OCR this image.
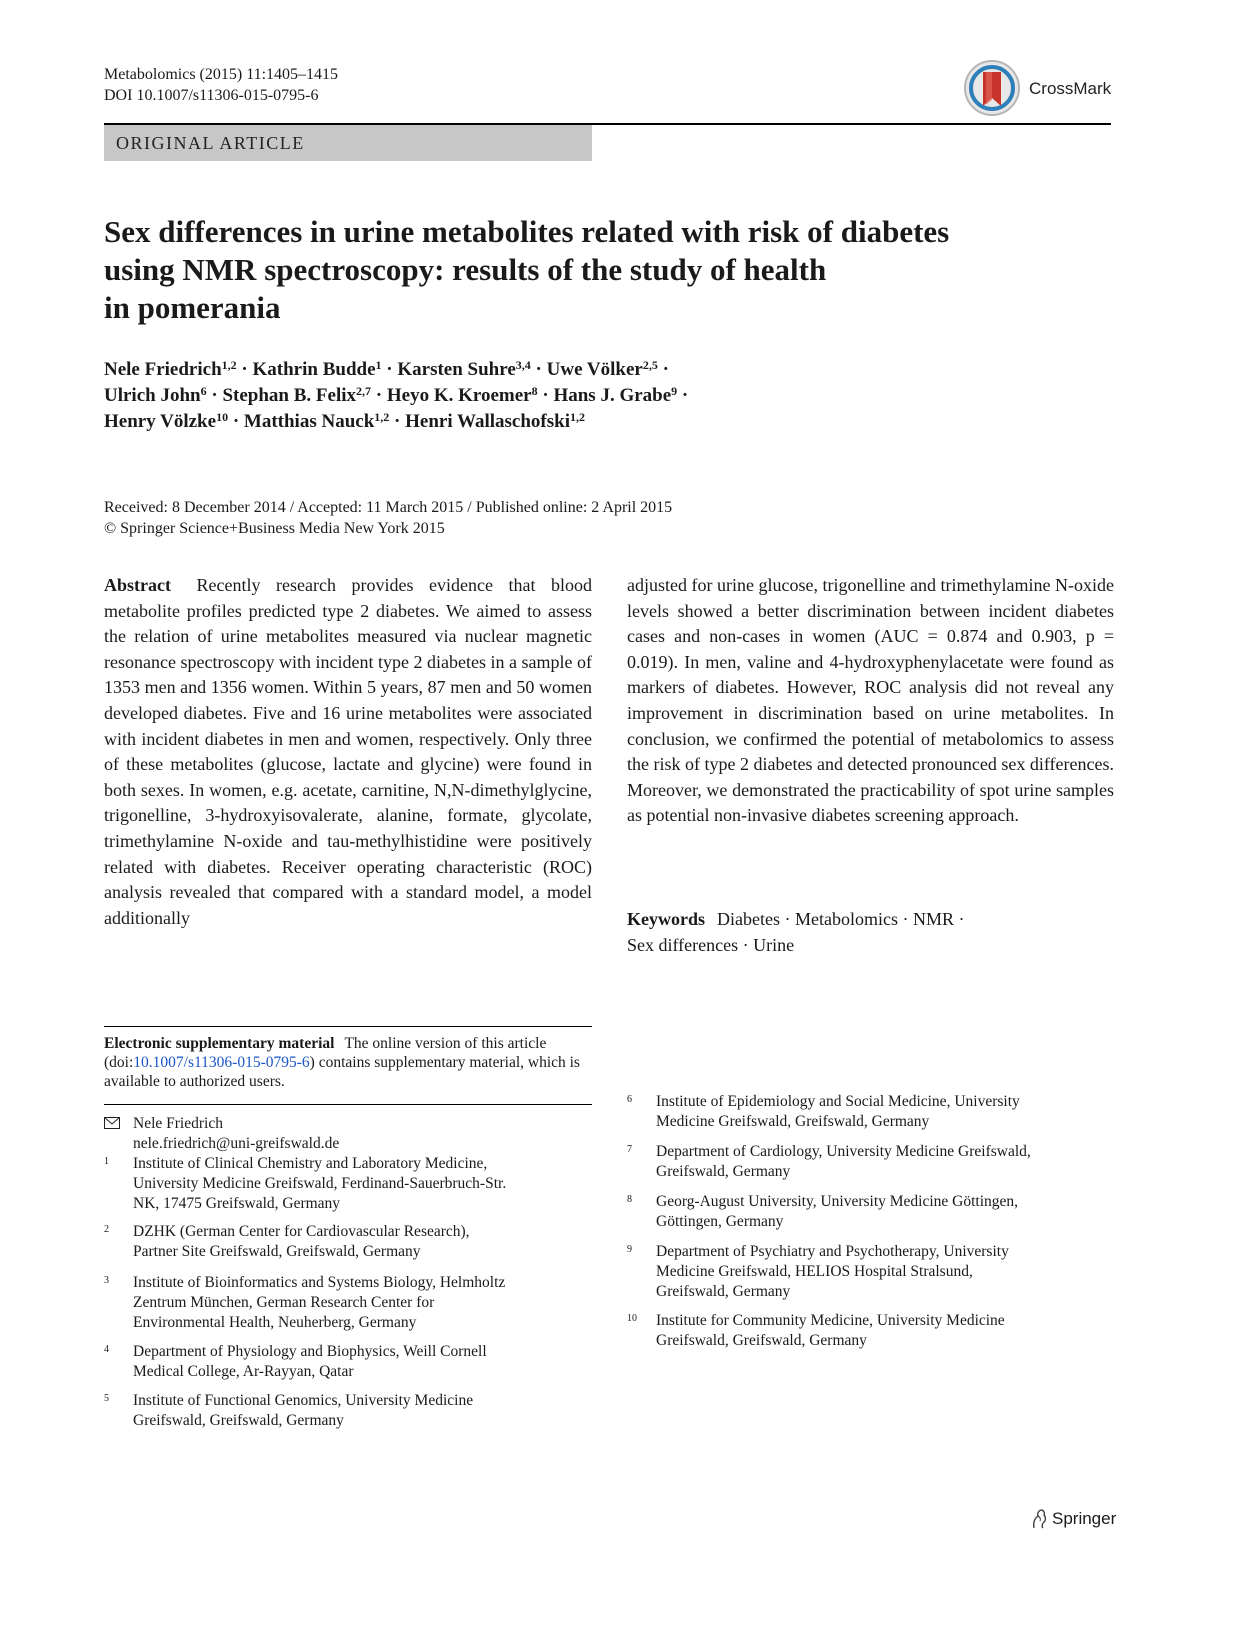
Metabolomics (2015) 11:1405–1415
DOI 10.1007/s11306-015-0795-6	CrossMark
ORIGINAL ARTICLE
Sex differences in urine metabolites related with risk of diabetes
using NMR spectroscopy: results of the study of health
in pomerania
Nele Friedrich$^{1,2}$ · Kathrin Budde$^1$ · Karsten Suhre$^{3,4}$ · Uwe Völker$^{2,5}$ ·
Ulrich John$^6$ · Stephan B. Felix$^{2,7}$ · Heyo K. Kroemer$^8$ · Hans J. Grabe$^9$ ·
Henry Völzke$^{10}$ · Matthias Nauck$^{1,2}$ · Henri Wallaschofski$^{1,2}$
Received: 8 December 2014 / Accepted: 11 March 2015 / Published online: 2 April 2015
© Springer Science+Business Media New York 2015
Abstract Recently research provides evidence that blood metabolite profiles predicted type 2 diabetes. We aimed to assess the relation of urine metabolites measured via nuclear magnetic resonance spectroscopy with incident type 2 diabetes in a sample of 1353 men and 1356 women. Within 5 years, 87 men and 50 women developed diabetes. Five and 16 urine metabolites were associated with incident diabetes in men and women, respectively. Only three of these metabolites (glucose, lactate and glycine) were found in both sexes. In women, e.g. acetate, carnitine, N,N-dimethylglycine, trigonelline, 3-hydroxyisovalerate, alanine, formate, glycolate, trimethylamine N-oxide and tau-methylhistidine were positively related with diabetes. Receiver operating characteristic (ROC) analysis revealed that compared with a standard model, a model additionally
adjusted for urine glucose, trigonelline and trimethylamine N-oxide levels showed a better discrimination between incident diabetes cases and non-cases in women (AUC = 0.874 and 0.903, p = 0.019). In men, valine and 4-hydroxyphenylacetate were found as markers of diabetes. However, ROC analysis did not reveal any improvement in discrimination based on urine metabolites. In conclusion, we confirmed the potential of metabolomics to assess the risk of type 2 diabetes and detected pronounced sex differences. Moreover, we demonstrated the practicability of spot urine samples as potential non-invasive diabetes screening approach.
Keywords Diabetes · Metabolomics · NMR ·
Sex differences · Urine
Electronic supplementary material The online version of this article (doi:10.1007/s11306-015-0795-6) contains supplementary material, which is available to authorized users.
Nele Friedrich
nele.friedrich@uni-greifswald.de
1 Institute of Clinical Chemistry and Laboratory Medicine,
University Medicine Greifswald, Ferdinand-Sauerbruch-Str.
NK, 17475 Greifswald, Germany
2 DZHK (German Center for Cardiovascular Research),
Partner Site Greifswald, Greifswald, Germany
3 Institute of Bioinformatics and Systems Biology, Helmholtz
Zentrum München, German Research Center for
Environmental Health, Neuherberg, Germany
4 Department of Physiology and Biophysics, Weill Cornell
Medical College, Ar-Rayyan, Qatar
5 Institute of Functional Genomics, University Medicine
Greifswald, Greifswald, Germany
6 Institute of Epidemiology and Social Medicine, University
Medicine Greifswald, Greifswald, Germany
7 Department of Cardiology, University Medicine Greifswald,
Greifswald, Germany
8 Georg-August University, University Medicine Göttingen,
Göttingen, Germany
9 Department of Psychiatry and Psychotherapy, University
Medicine Greifswald, HELIOS Hospital Stralsund,
Greifswald, Germany
10 Institute for Community Medicine, University Medicine
Greifswald, Greifswald, Germany
Springer
